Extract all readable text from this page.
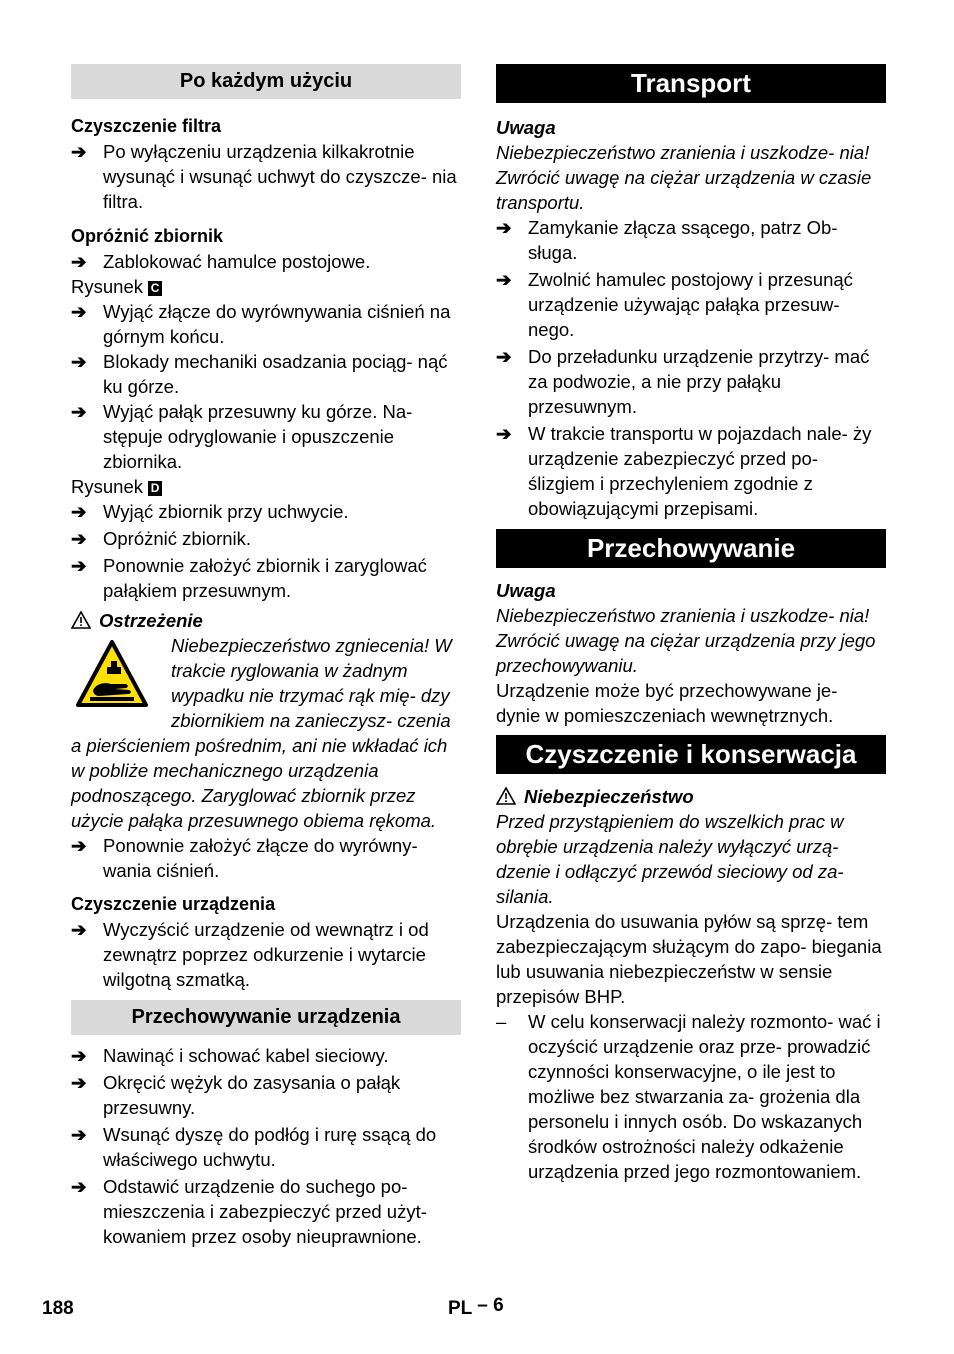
Po każdym użyciu
Czyszczenie filtra
➔ Po wyłączeniu urządzenia kilkakrotnie wysunąć i wsunąć uchwyt do czyszcze- nia filtra.
Opróżnić zbiornik
➔ Zablokować hamulce postojowe.

Rysunek C

➔ Wyjąć złącze do wyrównywania ciśnień na górnym końcu.
➔ Blokady mechaniki osadzania pociąg- nąć ku górze.
➔ Wyjąć pałąk przesuwny ku górze. Na- stępuje odryglowanie i opuszczenie zbiornika.

Rysunek D

➔ Wyjąć zbiornik przy uchwycie.
➔ Opróżnić zbiornik.
➔ Ponownie założyć zbiornik i zaryglować pałąkiem przesuwnym.
Ostrzeżenie

Niebezpieczeństwo zgniecenia! W trakcie ryglowania w żadnym wypadku nie trzymać rąk mię- dzy zbiornikiem na zanieczysz- czenia a pierścieniem pośrednim, ani nie wkładać ich w pobliże mechanicznego urządzenia podnoszącego. Zaryglować zbiornik przez użycie pałąka przesuwnego obiema rękoma.

➔ Ponownie założyć złącze do wyrówny- wania ciśnień.
Czyszczenie urządzenia
➔ Wyczyścić urządzenie od wewnątrz i od zewnątrz poprzez odkurzenie i wytarcie wilgotną szmatką.
Przechowywanie urządzenia
➔ Nawinąć i schować kabel sieciowy.
➔ Okręcić wężyk do zasysania o pałąk przesuwny.
➔ Wsunąć dyszę do podłóg i rurę ssącą do właściwego uchwytu.
➔ Odstawić urządzenie do suchego po- mieszczenia i zabezpieczyć przed użyt- kowaniem przez osoby nieuprawnione.
Transport
Uwaga

Niebezpieczeństwo zranienia i uszkodze- nia! Zwrócić uwagę na ciężar urządzenia w czasie transportu.

➔ Zamykanie złącza ssącego, patrz Ob- sługa.
➔ Zwolnić hamulec postojowy i przesunąć urządzenie używając pałąka przesuw- nego.
➔ Do przeładunku urządzenie przytrzy- mać za podwozie, a nie przy pałąku przesuwnym.
➔ W trakcie transportu w pojazdach nale- ży urządzenie zabezpieczyć przed po- ślizgiem i przechyleniem zgodnie z obowiązującymi przepisami.
Przechowywanie
Uwaga

Niebezpieczeństwo zranienia i uszkodze- nia! Zwrócić uwagę na ciężar urządzenia przy jego przechowywaniu.

Urządzenie może być przechowywane je- dynie w pomieszczeniach wewnętrznych.

Czyszczenie i konserwacja
Niebezpieczeństwo

Przed przystąpieniem do wszelkich prac w obrębie urządzenia należy wyłączyć urzą- dzenie i odłączyć przewód sieciowy od za- silania.

Urządzenia do usuwania pyłów są sprzę- tem zabezpieczającym służącym do zapo- biegania lub usuwania niebezpieczeństw w sensie przepisów BHP.

–	W celu konserwacji należy rozmonto- wać i oczyścić urządzenie oraz prze- prowadzić czynności konserwacyjne, o ile jest to możliwe bez stwarzania za- grożenia dla personelu i innych osób. Do wskazanych środków ostrożności należy odkażenie urządzenia przed jego rozmontowaniem.
188	PL – 6
